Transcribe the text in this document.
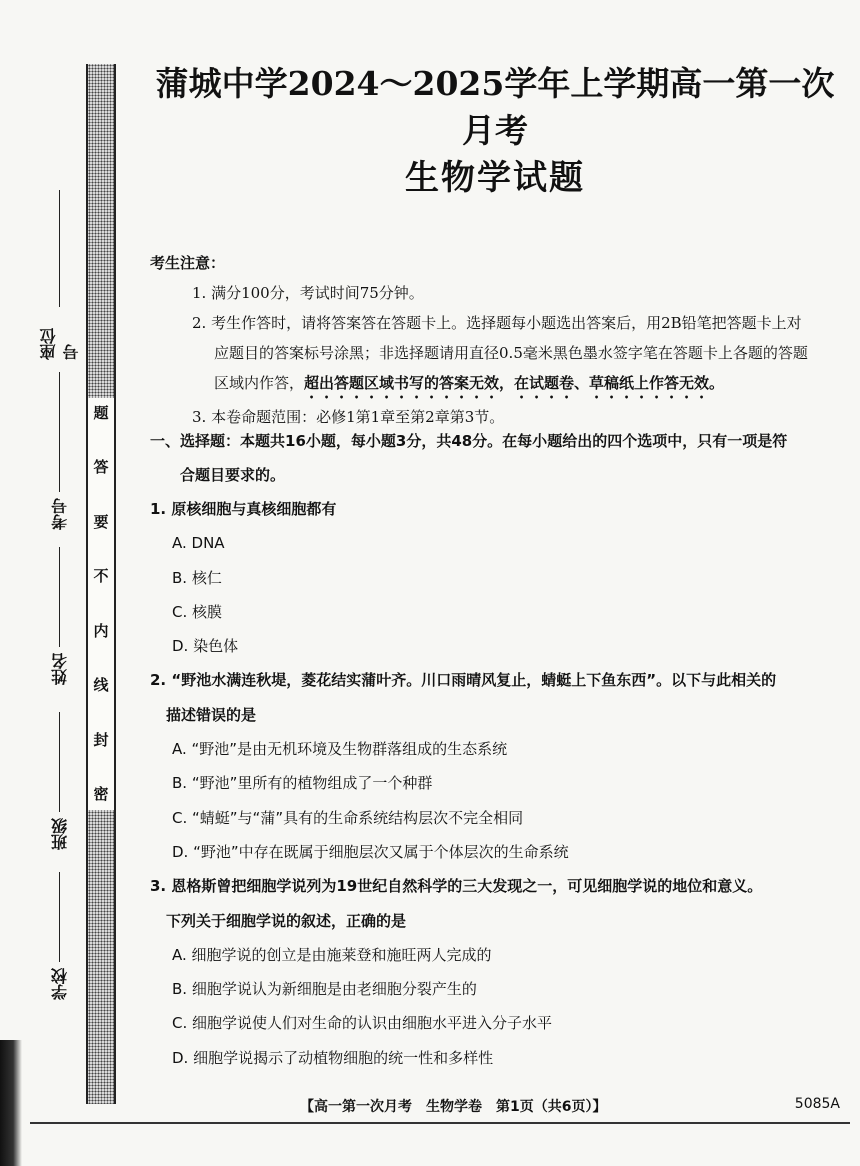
题
答
要
不
内
线
封
密
座位号
考号
姓名
班级
学校
蒲城中学2024～2025学年上学期高一第一次月考
生物学试题
考生注意：
1. 满分100分，考试时间75分钟。
2. 考生作答时，请将答案答在答题卡上。选择题每小题选出答案后，用2B铅笔把答题卡上对
应题目的答案标号涂黑；非选择题请用直径0.5毫米黑色墨水签字笔在答题卡上各题的答题
区域内作答，超出答题区域书写的答案无效，在试题卷、草稿纸上作答无效。
3. 本卷命题范围：必修1第1章至第2章第3节。
一、选择题：本题共16小题，每小题3分，共48分。在每小题给出的四个选项中，只有一项是符
合题目要求的。
1. 原核细胞与真核细胞都有
A. DNA
B. 核仁
C. 核膜
D. 染色体
2. “野池水满连秋堤，菱花结实蒲叶齐。川口雨晴风复止，蜻蜓上下鱼东西”。以下与此相关的
描述错误的是
A. “野池”是由无机环境及生物群落组成的生态系统
B. “野池”里所有的植物组成了一个种群
C. “蜻蜓”与“蒲”具有的生命系统结构层次不完全相同
D. “野池”中存在既属于细胞层次又属于个体层次的生命系统
3. 恩格斯曾把细胞学说列为19世纪自然科学的三大发现之一，可见细胞学说的地位和意义。
下列关于细胞学说的叙述，正确的是
A. 细胞学说的创立是由施莱登和施旺两人完成的
B. 细胞学说认为新细胞是由老细胞分裂产生的
C. 细胞学说使人们对生命的认识由细胞水平进入分子水平
D. 细胞学说揭示了动植物细胞的统一性和多样性
【高一第一次月考　生物学卷　第1页（共6页）】	5085A
